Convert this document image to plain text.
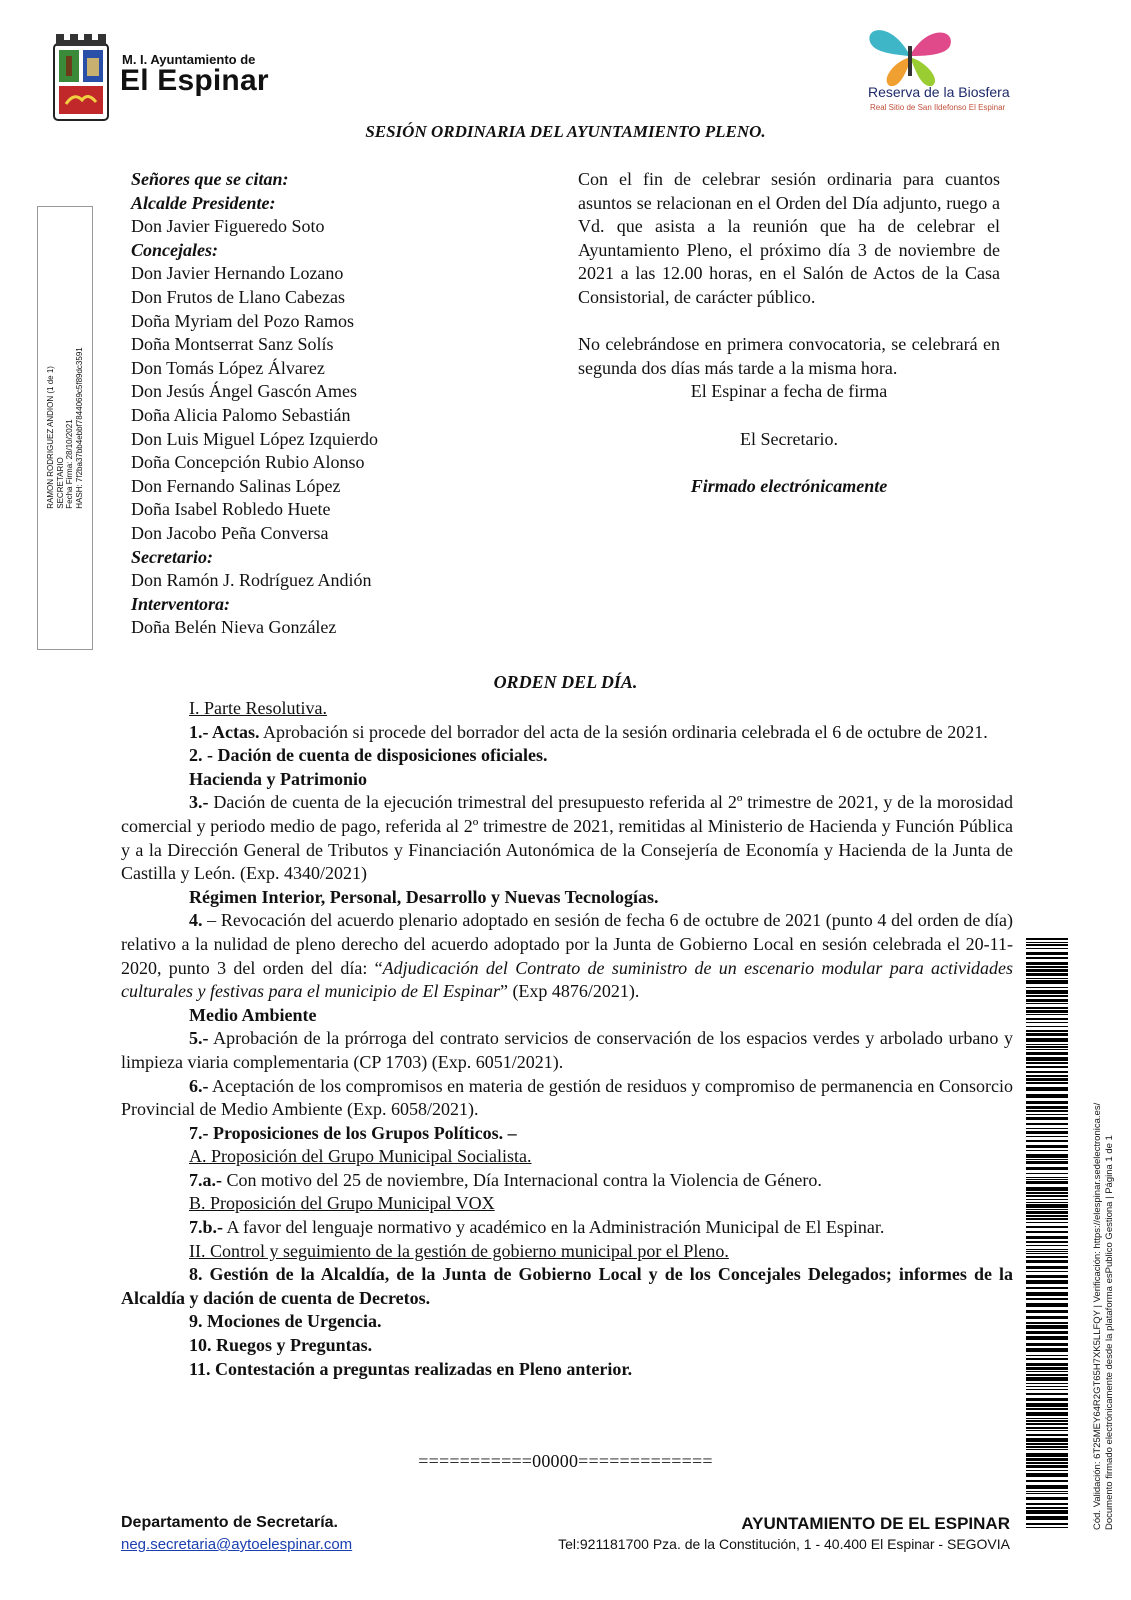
M. I. Ayuntamiento de
El Espinar	Reserva de la Biosfera
Real Sitio de San Ildefonso El Espinar
SESIÓN ORDINARIA DEL AYUNTAMIENTO PLENO.
RAMON RODRIGUEZ ANDION (1 de 1) SECRETARIO Fecha Firma: 28/10/2021 HASH: 7f2ba37bb4ebbf7844069c5f89dc3591
Señores que se citan:
Alcalde Presidente:
Don Javier Figueredo Soto
Concejales:
Don Javier Hernando Lozano
Don Frutos de Llano Cabezas
Doña Myriam del Pozo Ramos
Doña Montserrat Sanz Solís
Don Tomás López Álvarez
Don Jesús Ángel Gascón Ames
Doña Alicia Palomo Sebastián
Don Luis Miguel López Izquierdo
Doña Concepción Rubio Alonso
Don Fernando Salinas López
Doña Isabel Robledo Huete
Don Jacobo Peña Conversa
Secretario:
Don Ramón J. Rodríguez Andión
Interventora:
Doña Belén Nieva González

Con el fin de celebrar sesión ordinaria para cuantos asuntos se relacionan en el Orden del Día adjunto, ruego a Vd. que asista a la reunión que ha de celebrar el Ayuntamiento Pleno, el próximo día 3 de noviembre de 2021 a las 12.00 horas, en el Salón de Actos de la Casa Consistorial, de carácter público.

No celebrándose en primera convocatoria, se celebrará en segunda dos días más tarde a la misma hora.

El Espinar a fecha de firma

El Secretario.

Firmado electrónicamente

ORDEN DEL DÍA.

I. Parte Resolutiva.

1.- Actas. Aprobación si procede del borrador del acta de la sesión ordinaria celebrada el 6 de octubre de 2021.

2. - Dación de cuenta de disposiciones oficiales.

Hacienda y Patrimonio

3.- Dación de cuenta de la ejecución trimestral del presupuesto referida al 2º trimestre de 2021, y de la morosidad comercial y periodo medio de pago, referida al 2º trimestre de 2021, remitidas al Ministerio de Hacienda y Función Pública y a la Dirección General de Tributos y Financiación Autonómica de la Consejería de Economía y Hacienda de la Junta de Castilla y León. (Exp. 4340/2021)

Régimen Interior, Personal, Desarrollo y Nuevas Tecnologías.

4. – Revocación del acuerdo plenario adoptado en sesión de fecha 6 de octubre de 2021 (punto 4 del orden de día) relativo a la nulidad de pleno derecho del acuerdo adoptado por la Junta de Gobierno Local en sesión celebrada el 20-11-2020, punto 3 del orden del día: “Adjudicación del Contrato de suministro de un escenario modular para actividades culturales y festivas para el municipio de El Espinar” (Exp 4876/2021).

Medio Ambiente

5.- Aprobación de la prórroga del contrato servicios de conservación de los espacios verdes y arbolado urbano y limpieza viaria complementaria (CP 1703) (Exp. 6051/2021).

6.- Aceptación de los compromisos en materia de gestión de residuos y compromiso de permanencia en Consorcio Provincial de Medio Ambiente (Exp. 6058/2021).

7.- Proposiciones de los Grupos Políticos. –

A. Proposición del Grupo Municipal Socialista.

7.a.- Con motivo del 25 de noviembre, Día Internacional contra la Violencia de Género.

B. Proposición del Grupo Municipal VOX

7.b.- A favor del lenguaje normativo y académico en la Administración Municipal de El Espinar.

II. Control y seguimiento de la gestión de gobierno municipal por el Pleno.

8. Gestión de la Alcaldía, de la Junta de Gobierno Local y de los Concejales Delegados; informes de la Alcaldía y dación de cuenta de Decretos.

9. Mociones de Urgencia.

10. Ruegos y Preguntas.

11. Contestación a preguntas realizadas en Pleno anterior.

===========00000=============
Departamento de Secretaría.
neg.secretaria@aytoelespinar.com
AYUNTAMIENTO DE EL ESPINAR
Tel:921181700 Pza. de la Constitución, 1 - 40.400 El Espinar - SEGOVIA
Cód. Validación: 6T25MEY64R2GT65H7XK5LLFQY | Verificación: https://elespinar.sedelectronica.es/ Documento firmado electrónicamente desde la plataforma esPublico Gestiona | Página 1 de 1
